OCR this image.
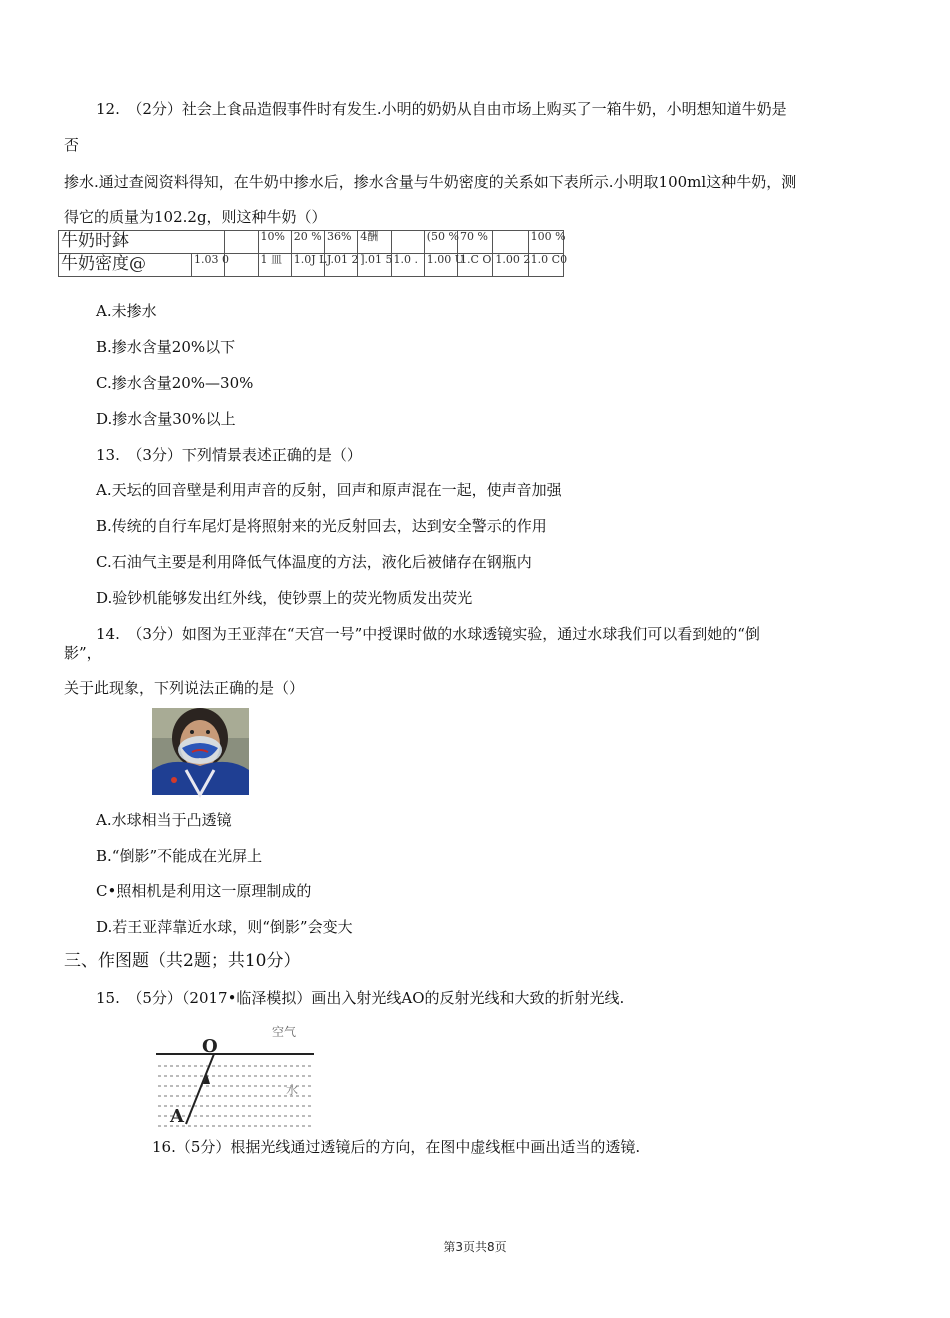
12.　（2分）社会上食品造假事件时有发生.小明的奶奶从自由市场上购买了一箱牛奶，小明想知道牛奶是
否
掺水.通过查阅资料得知，在牛奶中掺水后，掺水含量与牛奶密度的关系如下表所示.小明取100ml这种牛奶，测
得它的质量为102.2g，则这种牛奶（）
牛奶时鉢			10%	20 %	36%	4酬		(50 %	70 %		100 %
牛奶密度@	1.03 0		1 皿	1.0J L	J.01 2	].01 5	1.0 .	1.00 U	1.C O	1.00 2	1.0 C0
A.未掺水
B.掺水含量20%以下
C.掺水含量20%—30%
D.掺水含量30%以上
13.　（3分）下列情景表述正确的是（）
A.天坛的回音壁是利用声音的反射，回声和原声混在一起，使声音加强
B.传统的自行车尾灯是将照射来的光反射回去，达到安全警示的作用
C.石油气主要是利用降低气体温度的方法，液化后被储存在钢瓶内
D.验钞机能够发出红外线，使钞票上的荧光物质发出荧光
14.　（3分）如图为王亚萍在“天宫一号”中授课时做的水球透镜实验，通过水球我们可以看到她的“倒
影”，
关于此现象，下列说法正确的是（）
A.水球相当于凸透镜
B.“倒影”不能成在光屏上
C•照相机是利用这一原理制成的
D.若王亚萍靠近水球，则“倒影”会变大
三、作图题（共2题；共10分）
15.　（5分）（2017•临泽模拟）画出入射光线AO的反射光线和大致的折射光线.
O
A
空气
水
16.（5分）根据光线通过透镜后的方向，在图中虚线框中画出适当的透镜.
第3页共8页
